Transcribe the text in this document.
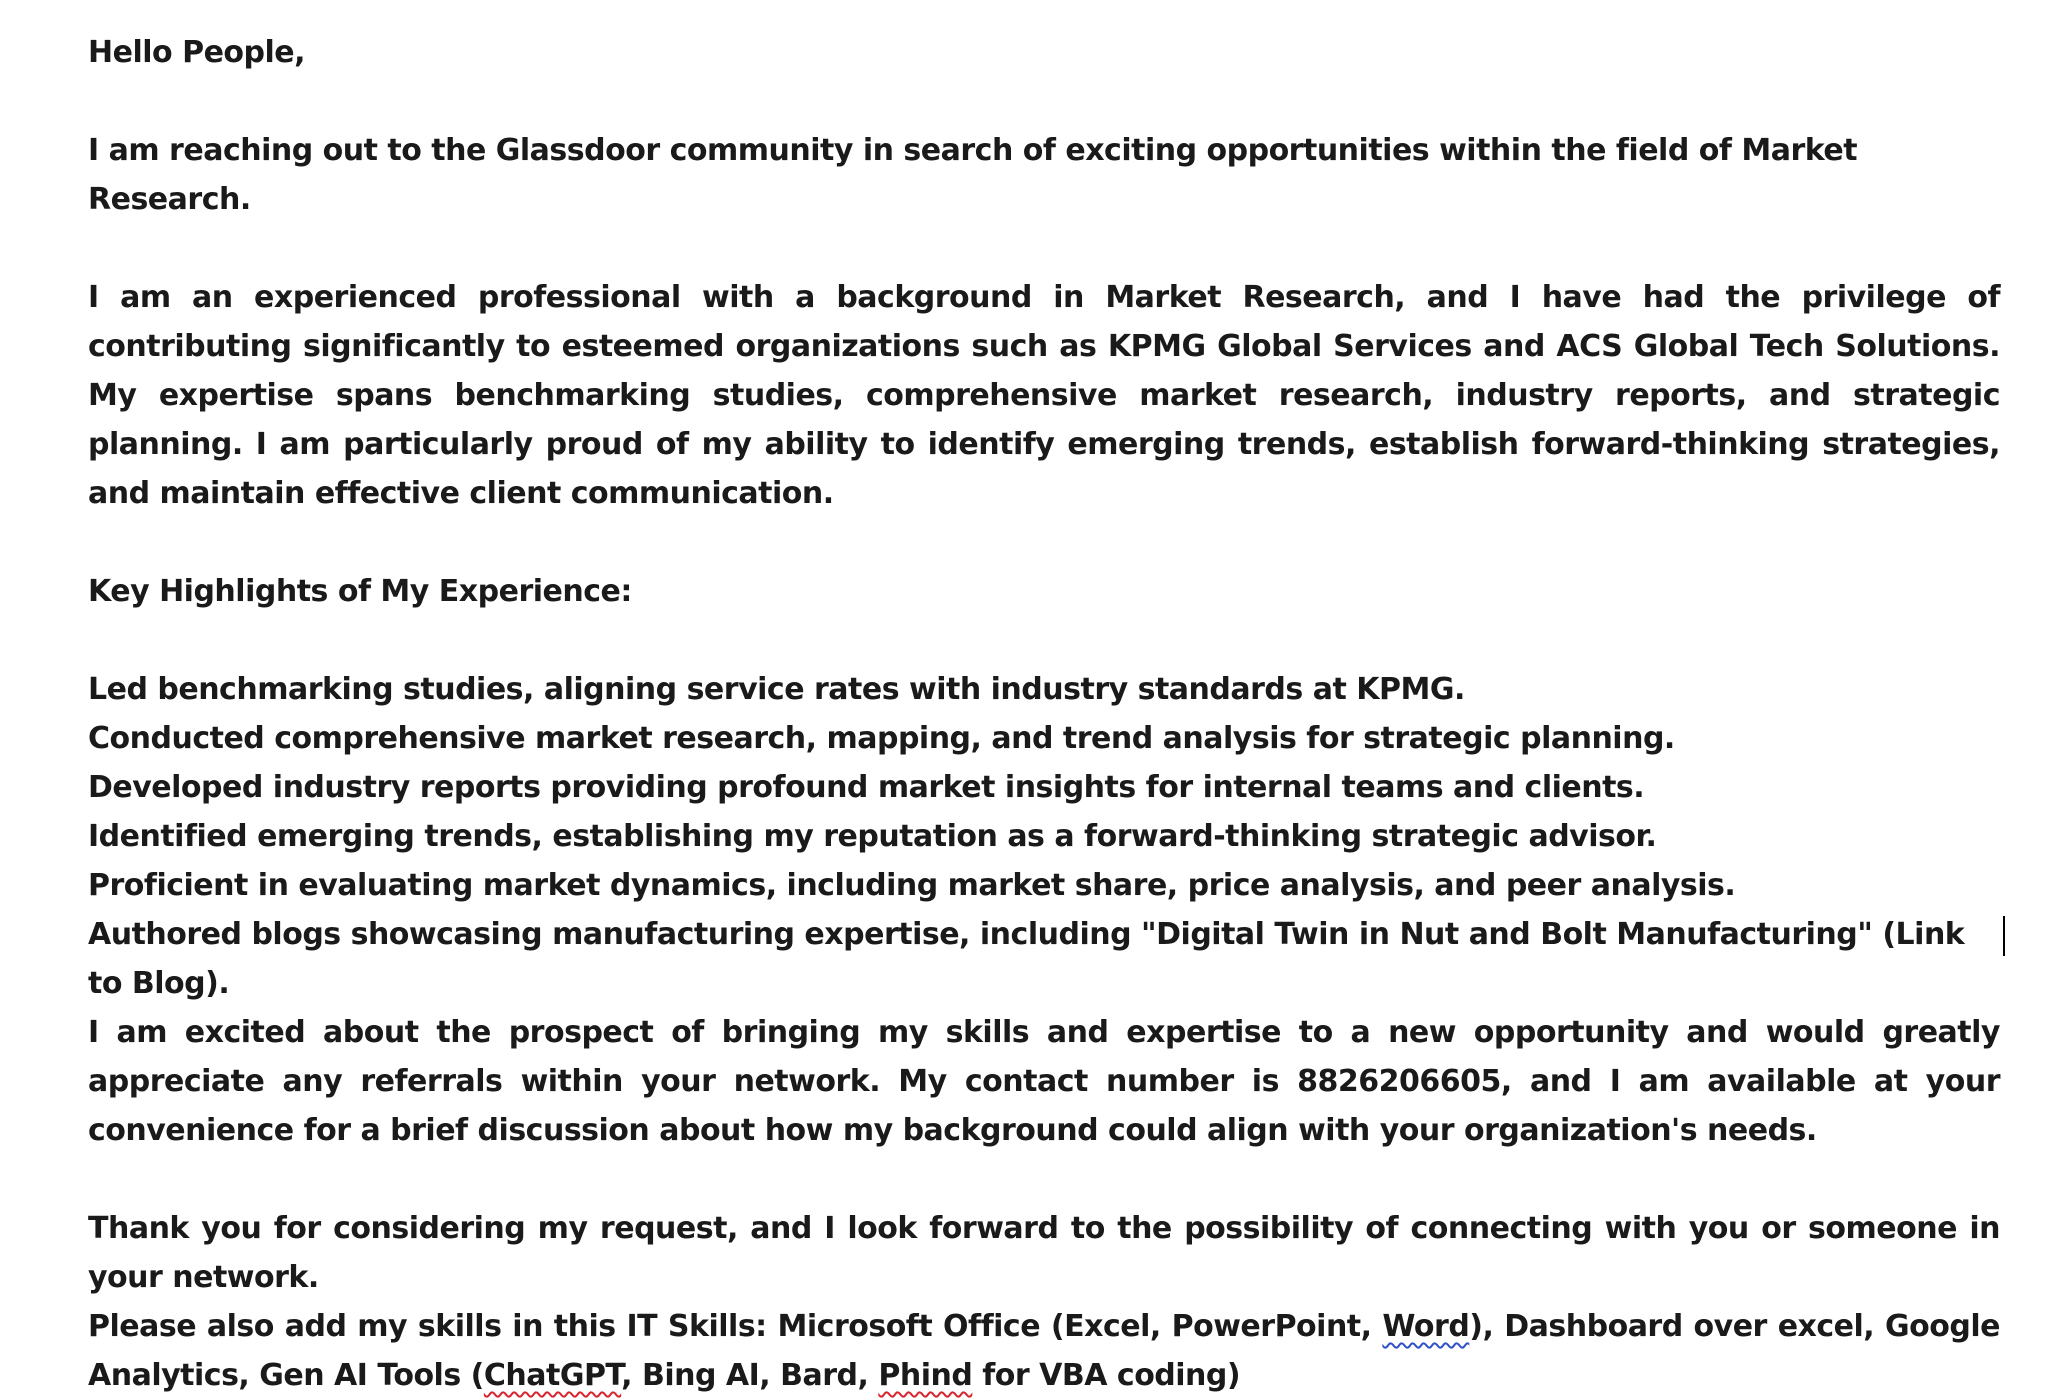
Hello People,

I am reaching out to the Glassdoor community in search of exciting opportunities within the field of Market Research.

I am an experienced professional with a background in Market Research, and I have had the privilege of contributing significantly to esteemed organizations such as KPMG Global Services and ACS Global Tech Solutions. My expertise spans benchmarking studies, comprehensive market research, industry reports, and strategic planning. I am particularly proud of my ability to identify emerging trends, establish forward-thinking strategies, and maintain effective client communication.

Key Highlights of My Experience:

Led benchmarking studies, aligning service rates with industry standards at KPMG.

Conducted comprehensive market research, mapping, and trend analysis for strategic planning.

Developed industry reports providing profound market insights for internal teams and clients.

Identified emerging trends, establishing my reputation as a forward-thinking strategic advisor.

Proficient in evaluating market dynamics, including market share, price analysis, and peer analysis.

Authored blogs showcasing manufacturing expertise, including "Digital Twin in Nut and Bolt Manufacturing" (Link to Blog).

I am excited about the prospect of bringing my skills and expertise to a new opportunity and would greatly appreciate any referrals within your network. My contact number is 8826206605, and I am available at your convenience for a brief discussion about how my background could align with your organization's needs.

Thank you for considering my request, and I look forward to the possibility of connecting with you or someone in your network.

Please also add my skills in this IT Skills: Microsoft Office (Excel, PowerPoint, Word), Dashboard over excel, Google Analytics, Gen AI Tools (ChatGPT, Bing AI, Bard, Phind for VBA coding)
